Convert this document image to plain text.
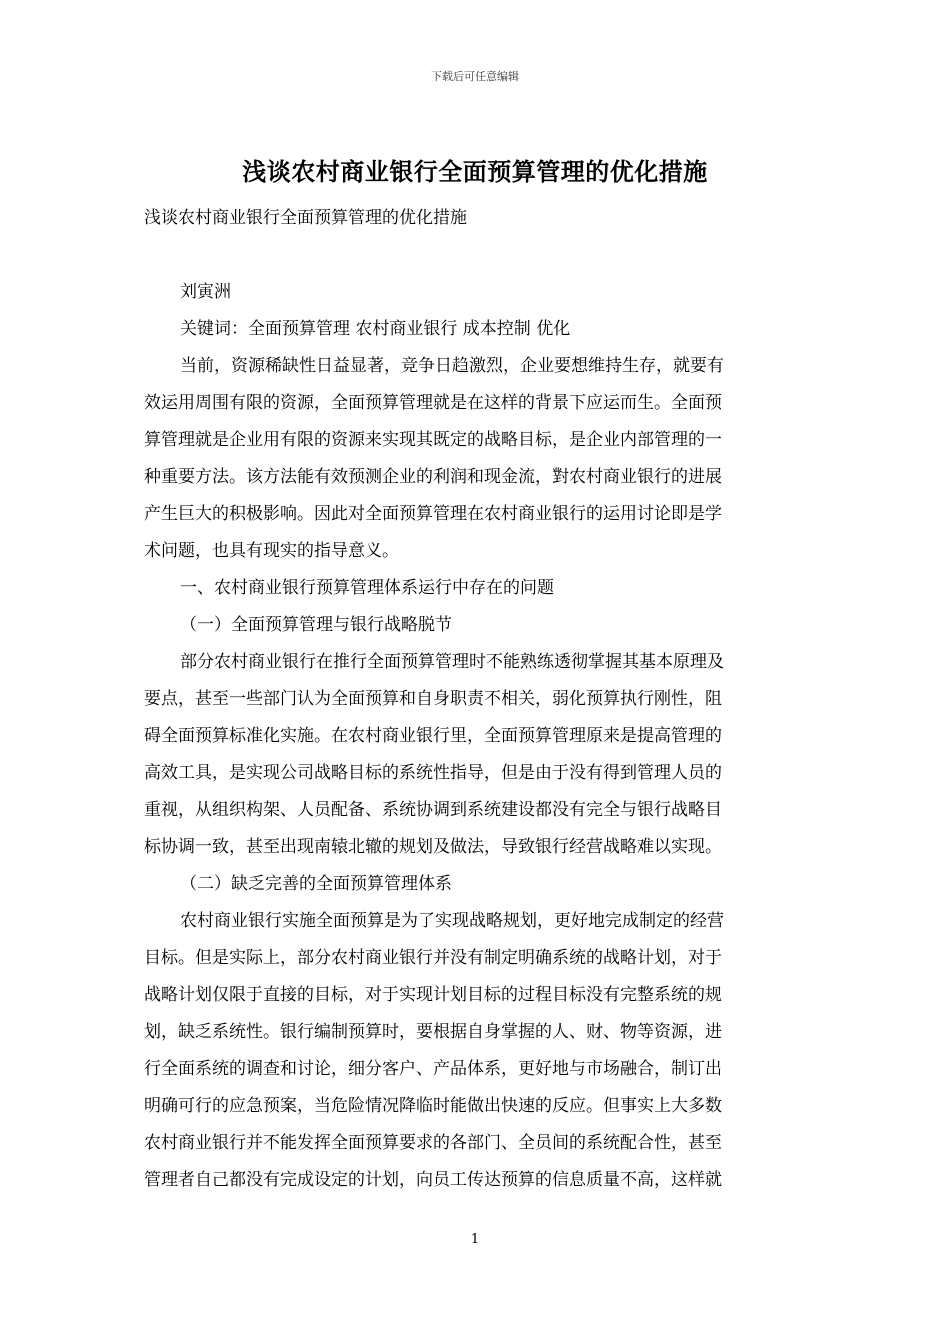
下载后可任意编辑
浅谈农村商业银行全面预算管理的优化措施

浅谈农村商业银行全面预算管理的优化措施

刘寅洲

关键词：全面预算管理 农村商业银行 成本控制 优化

当前，资源稀缺性日益显著，竞争日趋激烈，企业要想维持生存，就要有

效运用周围有限的资源，全面预算管理就是在这样的背景下应运而生。全面预

算管理就是企业用有限的资源来实现其既定的战略目标，是企业内部管理的一

种重要方法。该方法能有效预测企业的利润和现金流，對农村商业银行的进展

产生巨大的积极影响。因此对全面预算管理在农村商业银行的运用讨论即是学

术问题，也具有现实的指导意义。

一、农村商业银行预算管理体系运行中存在的问题

（一）全面预算管理与银行战略脱节

部分农村商业银行在推行全面预算管理时不能熟练透彻掌握其基本原理及

要点，甚至一些部门认为全面预算和自身职责不相关，弱化预算执行刚性，阻

碍全面预算标准化实施。在农村商业银行里，全面预算管理原来是提高管理的

高效工具，是实现公司战略目标的系统性指导，但是由于没有得到管理人员的

重视，从组织构架、人员配备、系统协调到系统建设都没有完全与银行战略目

标协调一致，甚至出现南辕北辙的规划及做法，导致银行经营战略难以实现。

（二）缺乏完善的全面预算管理体系

农村商业银行实施全面预算是为了实现战略规划，更好地完成制定的经营

目标。但是实际上，部分农村商业银行并没有制定明确系统的战略计划，对于

战略计划仅限于直接的目标，对于实现计划目标的过程目标没有完整系统的规

划，缺乏系统性。银行编制预算时，要根据自身掌握的人、财、物等资源，进

行全面系统的调查和讨论，细分客户、产品体系，更好地与市场融合，制订出

明确可行的应急预案，当危险情况降临时能做出快速的反应。但事实上大多数

农村商业银行并不能发挥全面预算要求的各部门、全员间的系统配合性，甚至

管理者自己都没有完成设定的计划，向员工传达预算的信息质量不高，这样就

1
